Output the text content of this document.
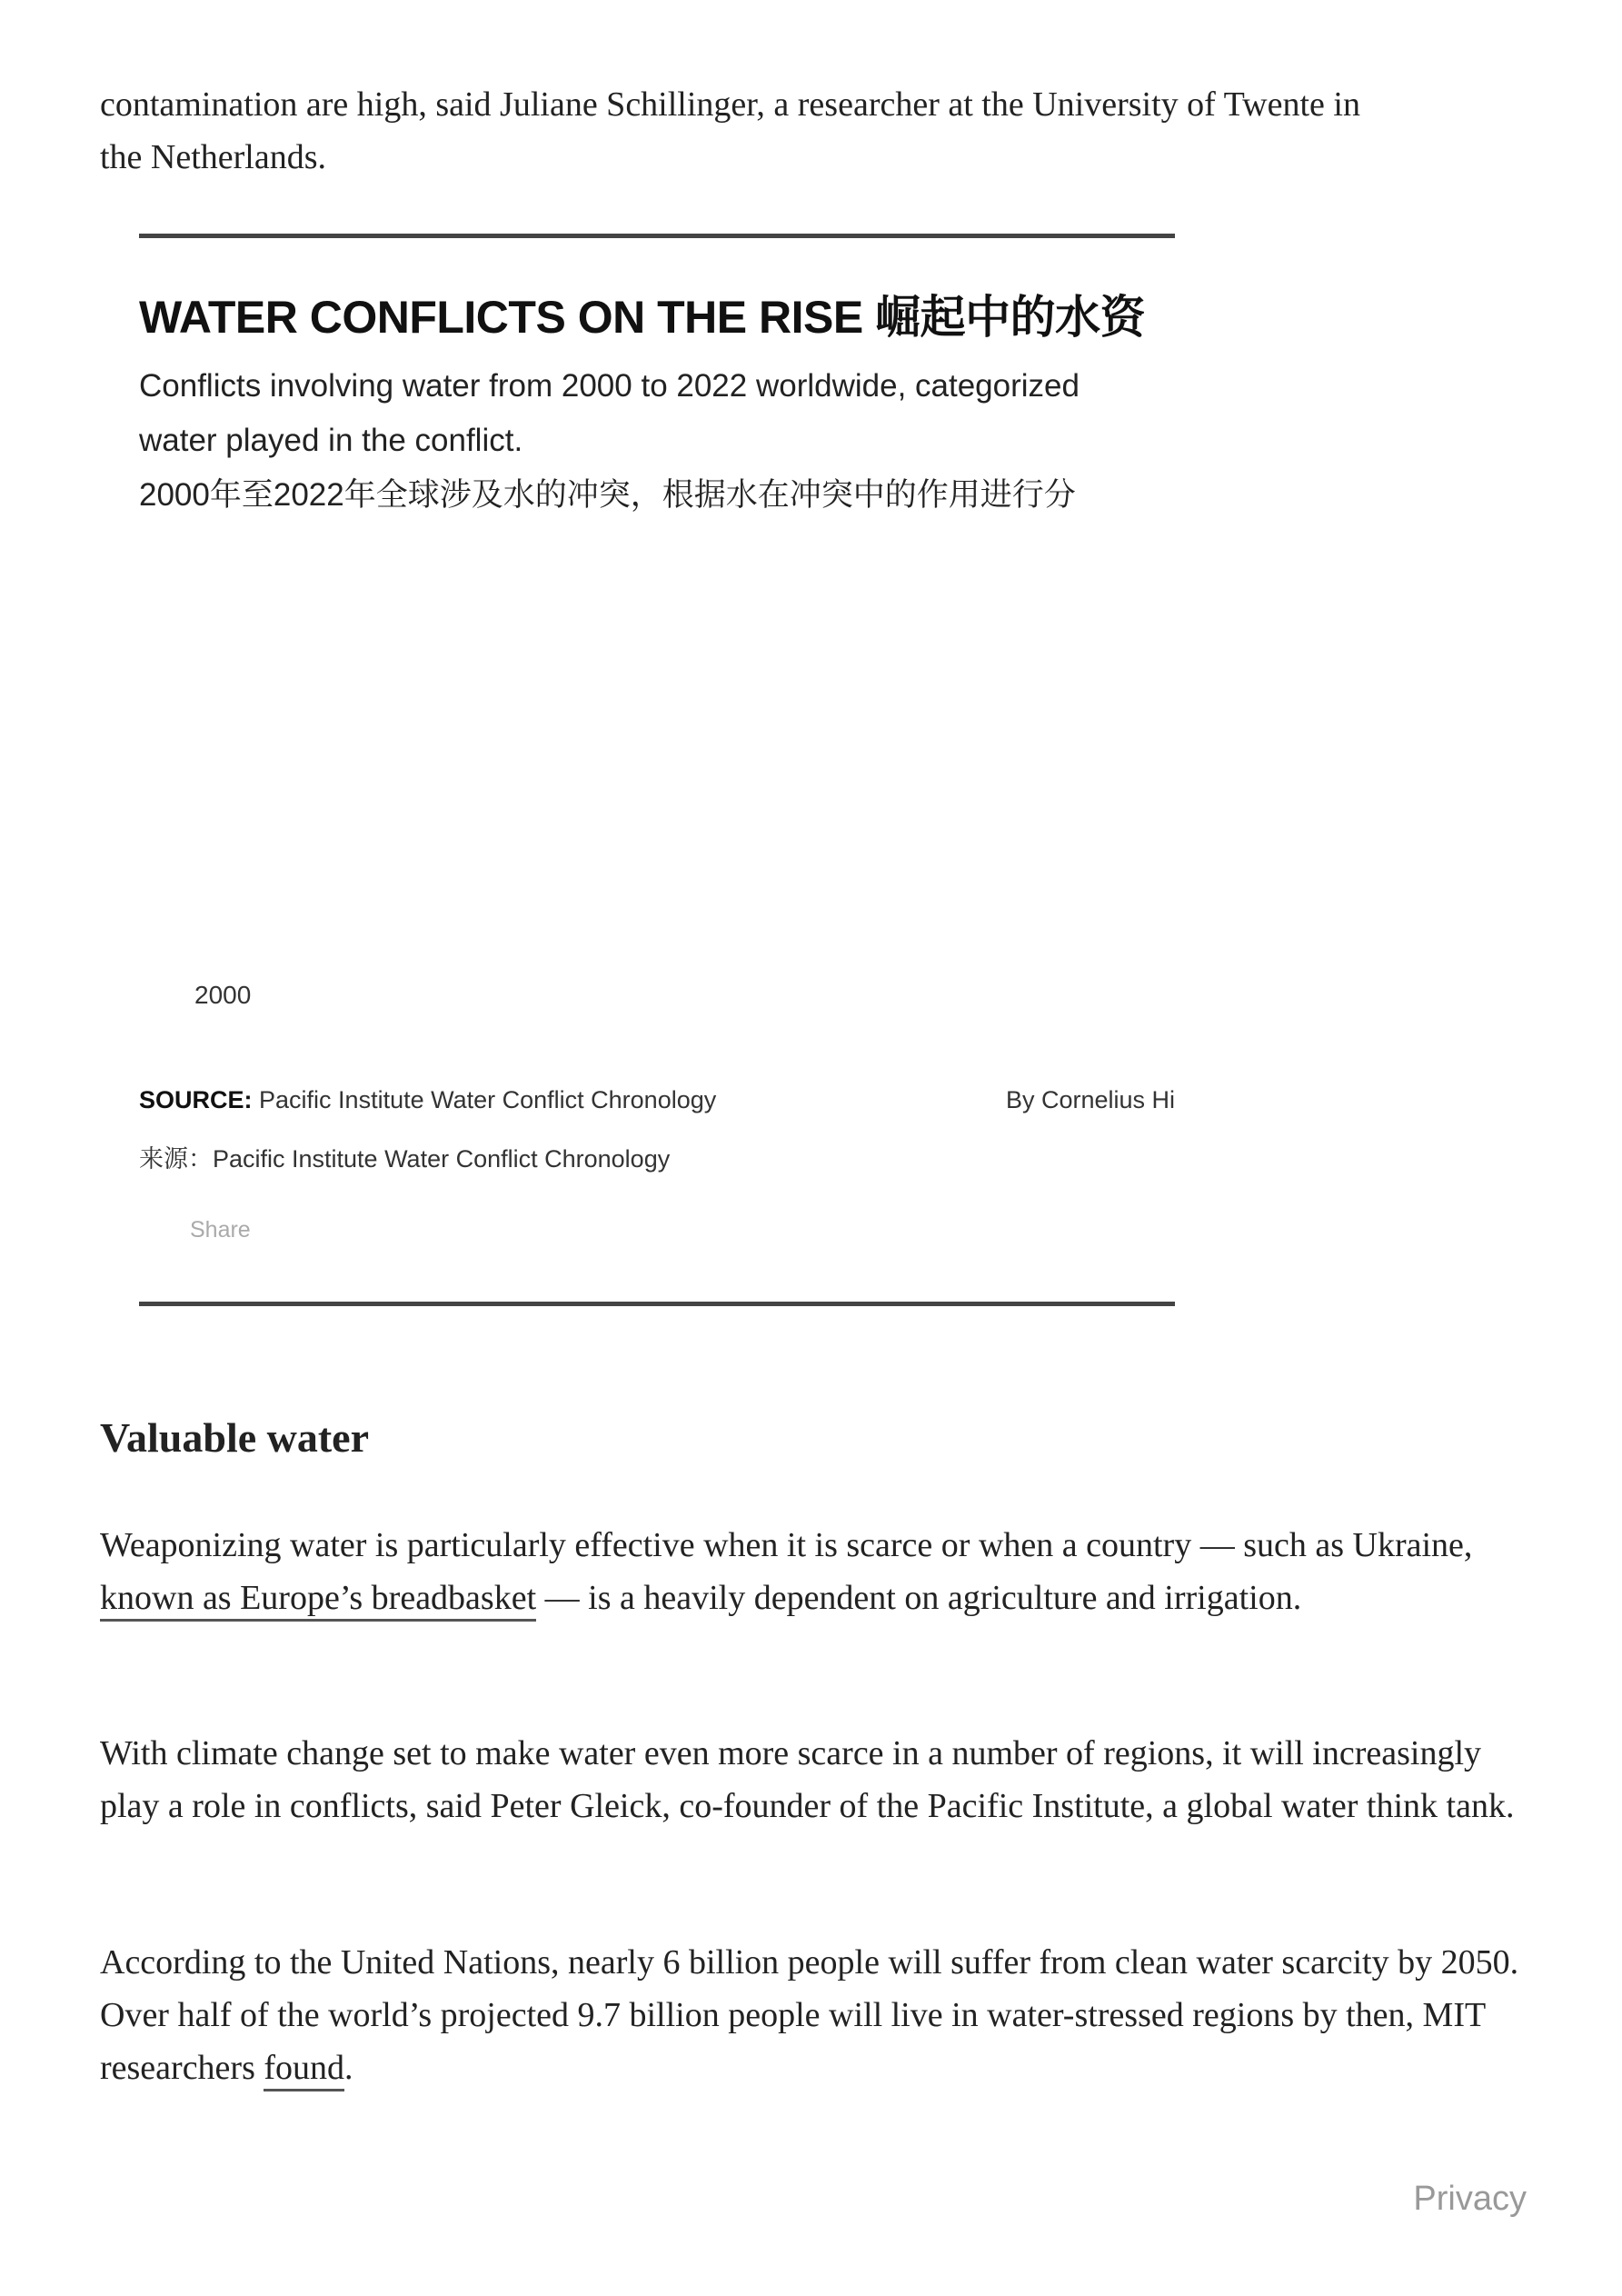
contamination are high, said Juliane Schillinger, a researcher at the University of Twente in
the Netherlands.

WATER CONFLICTS ON THE RISE 崛起中的水资
Conflicts involving water from 2000 to 2022 worldwide, categorized
water played in the conflict.
2000年至2022年全球涉及水的冲突，根据水在冲突中的作用进行分
2000
SOURCE: Pacific Institute Water Conflict Chronology	By Cornelius Hi
来源：Pacific Institute Water Conflict Chronology
Share
Valuable water

Weaponizing water is particularly effective when it is scarce or when a country — such as Ukraine, known as Europe’s breadbasket — is a heavily dependent on agriculture and irrigation.

With climate change set to make water even more scarce in a number of regions, it will increasingly play a role in conflicts, said Peter Gleick, co-founder of the Pacific Institute, a global water think tank.

According to the United Nations, nearly 6 billion people will suffer from clean water scarcity by 2050. Over half of the world’s projected 9.7 billion people will live in water-stressed regions by then, MIT researchers found.

Privacy
